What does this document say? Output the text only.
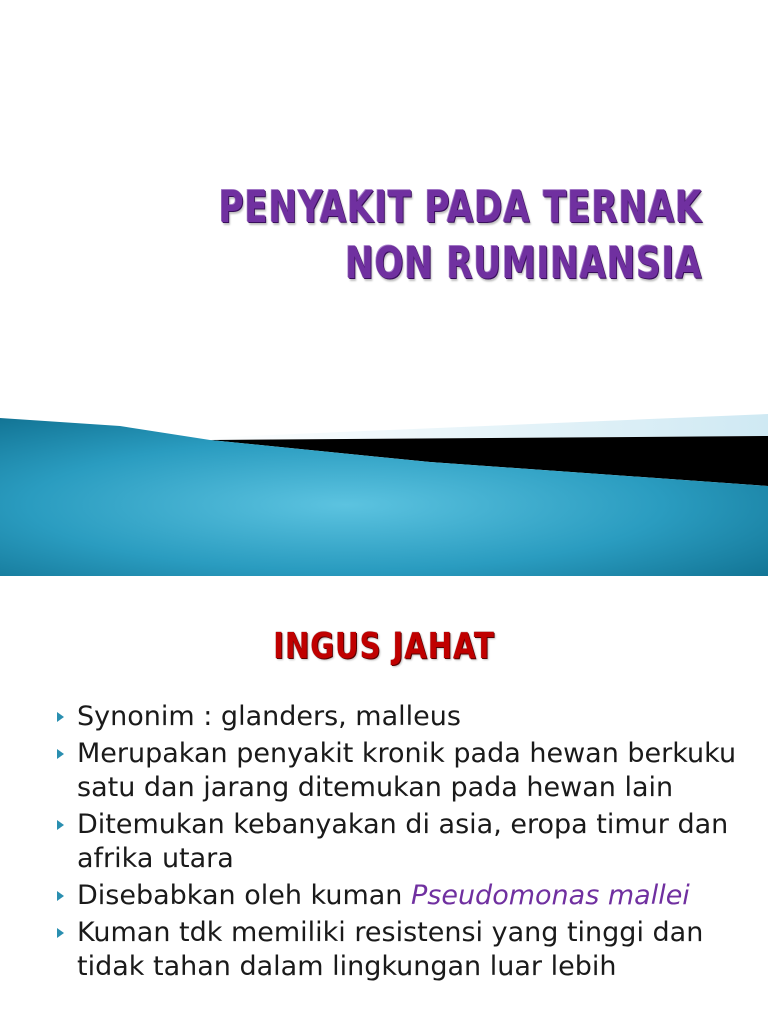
PENYAKIT PADA TERNAK
NON RUMINANSIA
INGUS JAHAT
Synonim : glanders, malleus
Merupakan penyakit kronik pada hewan berkuku satu dan jarang ditemukan pada hewan lain
Ditemukan kebanyakan di asia, eropa timur dan afrika utara
Disebabkan oleh kuman Pseudomonas mallei
Kuman tdk memiliki resistensi yang tinggi dan tidak tahan dalam lingkungan luar lebih
